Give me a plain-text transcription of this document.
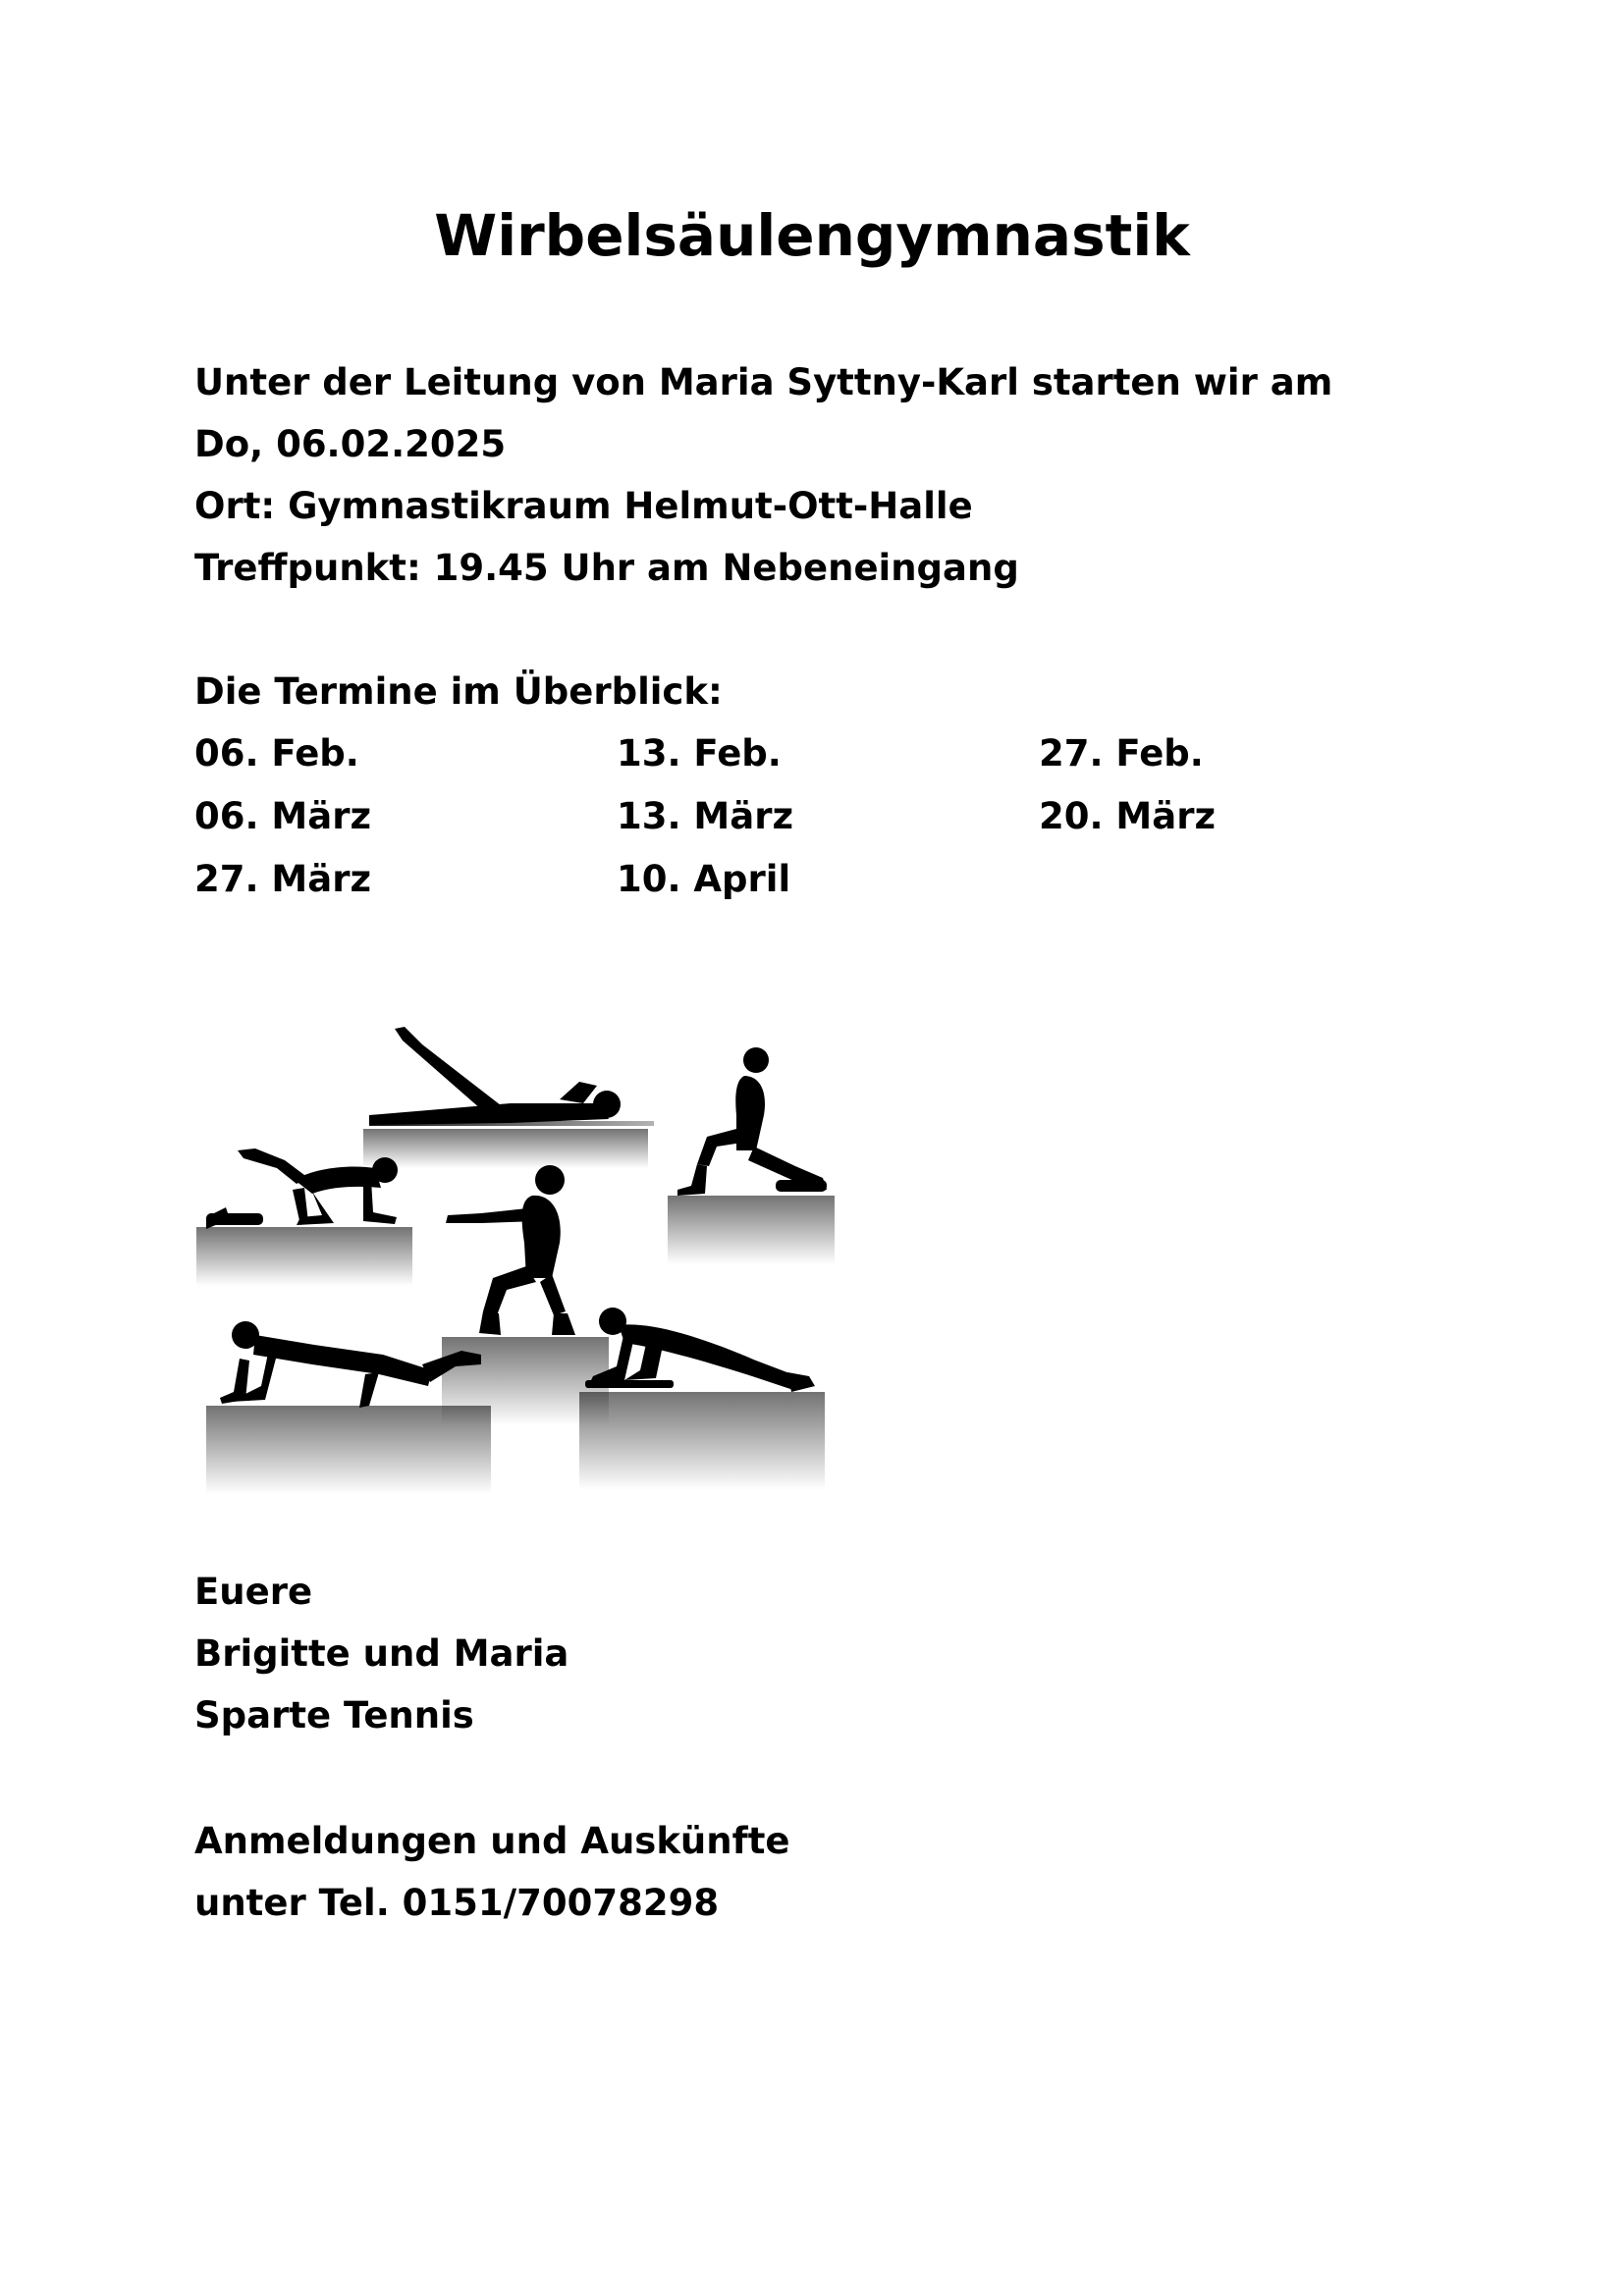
Wirbelsäulengymnastik
Unter der Leitung von Maria Syttny-Karl starten wir am
Do, 06.02.2025
Ort: Gymnastikraum Helmut-Ott-Halle
Treffpunkt: 19.45 Uhr am Nebeneingang
Die Termine im Überblick:
06. Feb.	13. Feb.	27. Feb.
06. März	13. März	20. März
27. März	10. April
Euere
Brigitte und Maria
Sparte Tennis
Anmeldungen und Auskünfte
unter Tel. 0151/70078298
